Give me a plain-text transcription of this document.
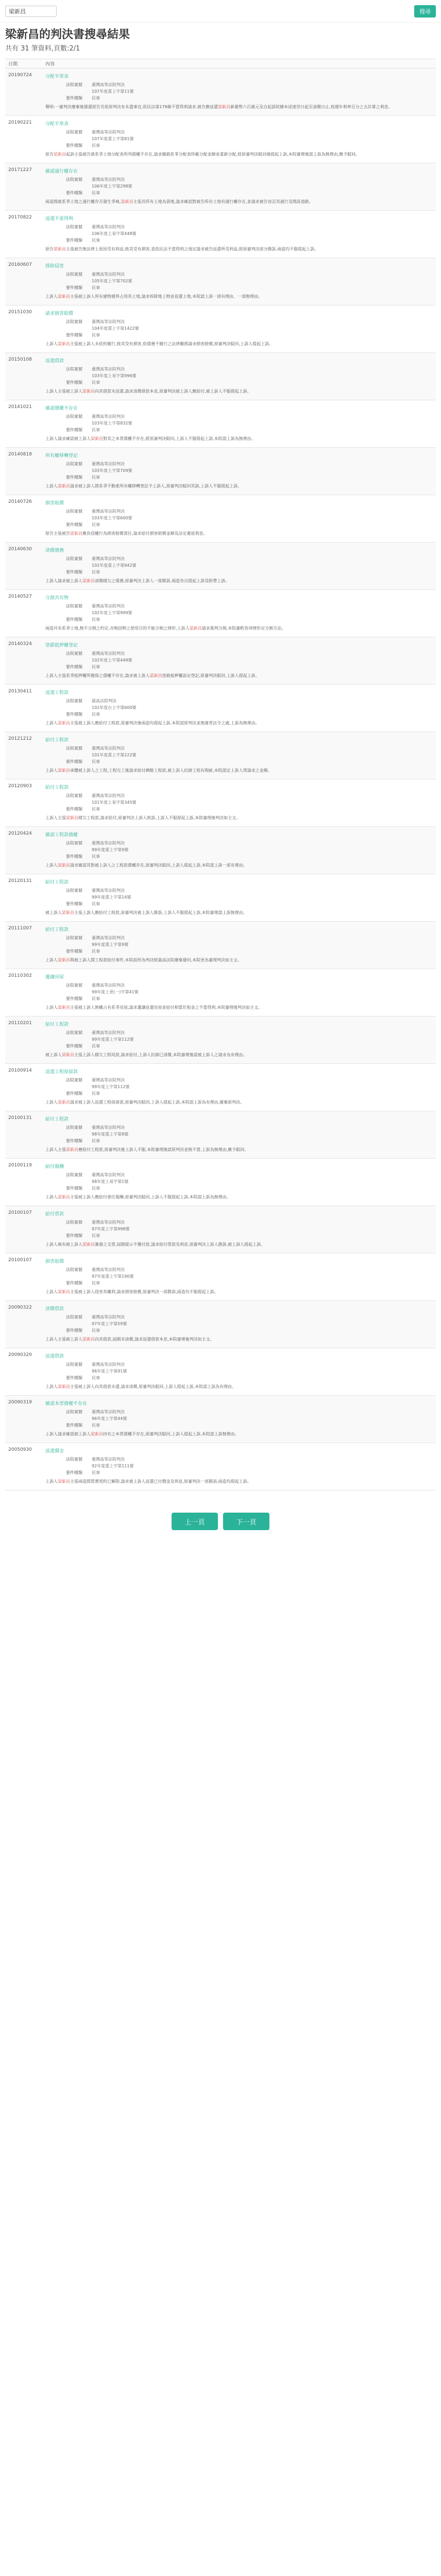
梁新昌
搜尋
梁新昌的判決書搜尋結果
共有 31 筆資料,頁數:2/1
日期	內容
20190724	分配平常表
法院案號	臺灣高等法院判決
107年度重上字第11號
要件種類	民事
聲明:一審判決廢棄後發還原告另依原判決有未盡事宜,依民法第179條不當得利請求,被告應返還梁新昌新臺幣六百萬元及自起訴狀繕本送達翌日起至清償日止,按週年利率百分之五計算之利息。
20190221	分配平常表
法院案號	臺灣高等法院判決
107年度重上字第81號
要件種類	民事
原告梁新昌起訴主張被告就系爭土地分配表所列債權不存在,請求撤銷系爭分配表所載分配金額並重新分配,經原審判決駁回後提起上訴,本院審理後認上訴為無理由,應予駁回。
20171227	確認通行權存在
法院案號	臺灣高等法院判決
106年度上字第298號
要件種類	民事
兩造間就系爭土地之通行權存否發生爭執,梁新昌主張其所有土地為袋地,請求確認對被告所有土地有通行權存在,並請求被告容忍其通行及開設道路。
20170822	返還不當得利
法院案號	臺灣高等法院判決
106年度上易字第448號
要件種類	民事
原告梁新昌主張被告無法律上原因受有利益,致其受有損害,爰依民法不當得利之規定請求被告返還所受利益,經原審判決部分勝訴,兩造均不服提起上訴。
20160607	排除侵害
法院案號	臺灣高等法院判決
105年度上字第702號
要件種類	民事
上訴人梁新昌主張被上訴人所有建物越界占用其土地,請求拆除地上物並返還土地,本院認上訴一部有理由、一部無理由。
20151030	請求損害賠償
法院案號	臺灣高等法院判決
104年度重上字第1422號
要件種類	民事
上訴人梁新昌主張被上訴人未依約履行,致其受有損害,依債務不履行之法律關係請求損害賠償,原審判決駁回,上訴人提起上訴。
20150108	返還借款
法院案號	臺灣高等法院判決
103年度上易字第996號
要件種類	民事
上訴人主張被上訴人梁新昌向其借款未返還,請求清償借款本息,原審判決被上訴人應給付,被上訴人不服提起上訴。
20141021	確認債權不存在
法院案號	臺灣高等法院判決
103年度上字第832號
要件種類	民事
上訴人請求確認被上訴人梁新昌對其之本票債權不存在,經原審判決駁回,上訴人不服提起上訴,本院認上訴為無理由。
20140818	所有權移轉登記
法院案號	臺灣高等法院判決
103年度上字第709號
要件種類	民事
上訴人梁新昌請求被上訴人將系爭不動產所有權移轉登記予上訴人,原審判決駁回其訴,上訴人不服提起上訴。
20140726	損害賠償
法院案號	臺灣高等法院判決
103年度上字第600號
要件種類	民事
原告主張被告梁新昌應負侵權行為損害賠償責任,請求給付損害賠償金額及法定遲延利息。
20140630	清償債務
法院案號	臺灣高等法院判決
102年度重上字第942號
要件種類	民事
上訴人請求被上訴人梁新昌清償積欠之債務,原審判決上訴人一部勝訴,兩造各自提起上訴及附帶上訴。
20140527	分割共有物
法院案號	臺灣高等法院判決
102年度上字第999號
要件種類	民事
兩造共有系爭土地,無不分割之約定,亦無因物之使用目的不能分割之情形,上訴人梁新昌請求裁判分割,本院審酌各項情形定分割方法。
20140324	塗銷抵押權登記
法院案號	臺灣高等法院判決
102年度上字第449號
要件種類	民事
上訴人主張系爭抵押權所擔保之債權不存在,請求被上訴人梁新昌塗銷抵押權設定登記,原審判決駁回,上訴人提起上訴。
20130411	返還工程款
法院案號	最高法院判決
102年度台上字第600號
要件種類	民事
上訴人梁新昌主張被上訴人應給付工程款,原審判決後兩造均提起上訴,本院認原判決並無違背法令之處,上訴為無理由。
20121212	給付工程款
法院案號	臺灣高等法院判決
101年度重上字第222號
要件種類	民事
上訴人梁新昌承攬被上訴人之工程,工程完工後請求給付剩餘工程款,被上訴人抗辯工程有瑕疵,本院認定上訴人得請求之金額。
20120903	給付工程款
法院案號	臺灣高等法院判決
101年度上易字第345號
要件種類	民事
上訴人主張梁新昌積欠工程款,請求給付,原審判決上訴人敗訴,上訴人不服提起上訴,本院審理後判決如主文。
20120424	確認工程款債權
法院案號	臺灣高等法院判決
99年度重上字第9號
要件種類	民事
上訴人梁新昌請求確認其對被上訴人之工程款債權存在,原審判決駁回,上訴人提起上訴,本院認上訴一部有理由。
20120131	給付工程款
法院案號	臺灣高等法院判決
99年度重上字第14號
要件種類	民事
被上訴人梁新昌主張上訴人應給付工程款,原審判決被上訴人勝訴,上訴人不服提起上訴,本院審理認上訴無理由。
20111007	給付工程款
法院案號	臺灣高等法院判決
99年度重上字第9號
要件種類	民事
上訴人梁新昌與被上訴人間工程款給付事件,本院前所為判決經最高法院廢棄發回,本院更為審理判決如主文。
20110302	遷讓房屋
法院案號	臺灣高等法院判決
99年度上更(一)字第41號
要件種類	民事
上訴人梁新昌主張被上訴人無權占有系爭房屋,請求遷讓返還房屋並給付相當於租金之不當得利,本院審理後判決如主文。
20110201	給付工程款
法院案號	臺灣高等法院判決
99年度重上字第112號
要件種類	民事
被上訴人梁新昌主張上訴人積欠工程尾款,請求給付,上訴人抗辯已清償,本院審理後認被上訴人之請求為有理由。
20100914	返還工程保留款
法院案號	臺灣高等法院判決
99年度上字第112號
要件種類	民事
上訴人梁新昌請求被上訴人返還工程保留款,原審判決駁回,上訴人提起上訴,本院認上訴為有理由,廢棄原判決。
20100131	給付工程款
法院案號	臺灣高等法院判決
98年度重上字第8號
要件種類	民事
上訴人主張梁新昌應給付工程款,原審判決後上訴人不服,本院審理後認原判決並無不當,上訴為無理由,應予駁回。
20100119	給付報酬
法院案號	臺灣高等法院判決
98年度上易字第1號
要件種類	民事
上訴人梁新昌主張被上訴人應給付委任報酬,原審判決駁回,上訴人不服提起上訴,本院認上訴為無理由。
20100107	給付票款
法院案號	臺灣高等法院判決
97年度上字第998號
要件種類	民事
上訴人執有被上訴人梁新昌簽發之支票,屆期提示不獲付款,請求給付票款及利息,原審判決上訴人勝訴,被上訴人提起上訴。
20100107	損害賠償
法院案號	臺灣高等法院判決
97年度重上字第190號
要件種類	民事
上訴人梁新昌主張被上訴人侵害其權利,請求損害賠償,原審判決一部勝訴,兩造均不服提起上訴。
20090322	清償借款
法院案號	臺灣高等法院判決
97年度上字第59號
要件種類	民事
上訴人主張被上訴人梁新昌向其借款,屆期未清償,請求返還借款本息,本院審理後判決如主文。
20090320	返還借款
法院案號	臺灣高等法院判決
96年度上字第91號
要件種類	民事
上訴人梁新昌主張被上訴人向其借款未還,請求清償,原審判決駁回,上訴人提起上訴,本院認上訴為有理由。
20090319	確認本票債權不存在
法院案號	臺灣高等法院判決
96年度上字第44號
要件種類	民事
上訴人請求確認被上訴人梁新昌持有之本票債權不存在,原審判決駁回,上訴人提起上訴,本院認上訴無理由。
20050930	返還價金
法院案號	臺灣高等法院判決
92年度重上字第111號
要件種類	民事
上訴人梁新昌主張兩造間買賣契約已解除,請求被上訴人返還已付價金及利息,原審判決一部勝訴,兩造均提起上訴。
上一頁	下一頁
